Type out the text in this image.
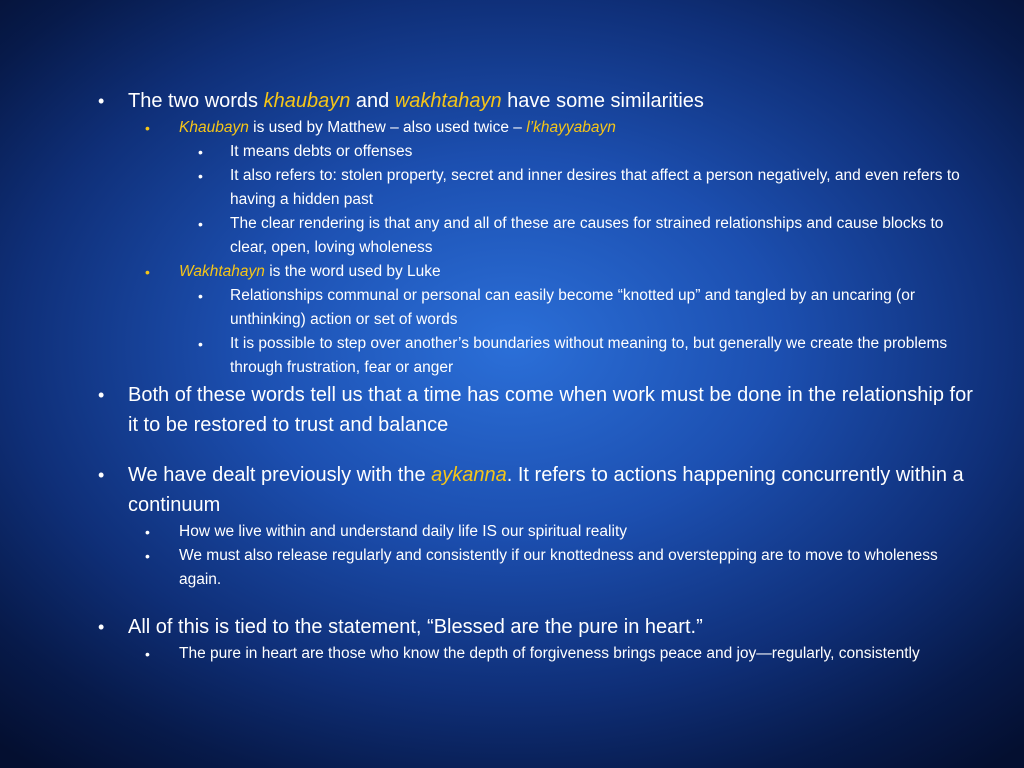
• The two words khaubayn and wakhtahayn have some similarities

• Khaubayn is used by Matthew – also used twice – l’khayyabayn

• It means debts or offenses

• It also refers to: stolen property, secret and inner desires that affect a person negatively, and even refers to having a hidden past

• The clear rendering is that any and all of these are causes for strained relationships and cause blocks to clear, open, loving wholeness

• Wakhtahayn is the word used by Luke

• Relationships communal or personal can easily become “knotted up” and tangled by an uncaring (or unthinking) action or set of words

• It is possible to step over another’s boundaries without meaning to, but generally we create the problems through frustration, fear or anger

• Both of these words tell us that a time has come when work must be done in the relationship for it to be restored to trust and balance

• We have dealt previously with the aykanna. It refers to actions happening concurrently within a continuum

• How we live within and understand daily life IS our spiritual reality

• We must also release regularly and consistently if our knottedness and overstepping are to move to wholeness again.

• All of this is tied to the statement, “Blessed are the pure in heart.”

• The pure in heart are those who know the depth of forgiveness brings peace and joy—regularly, consistently
